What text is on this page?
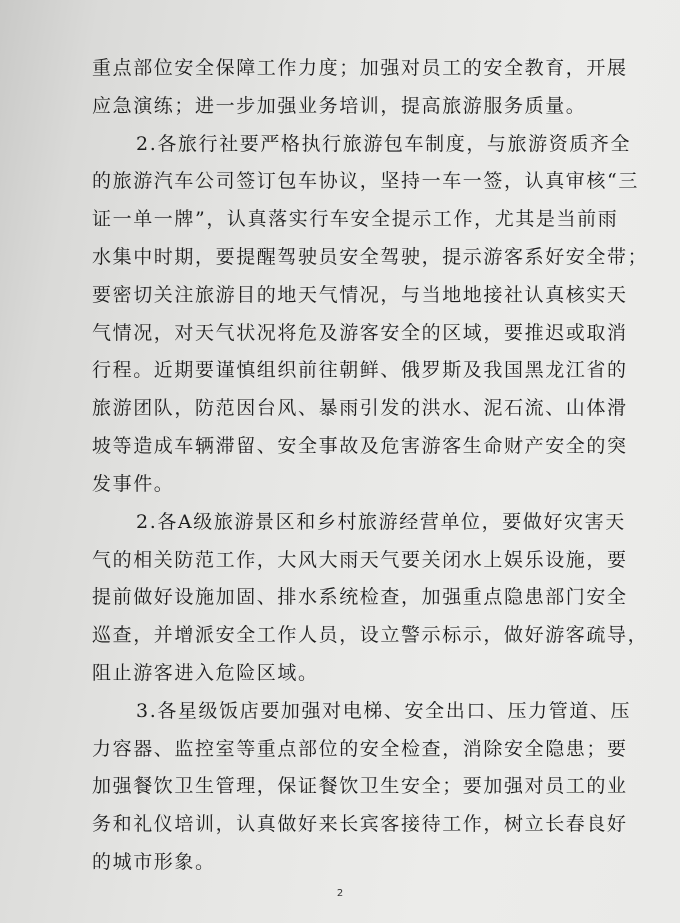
重点部位安全保障工作力度；加强对员工的安全教育，开展
应急演练；进一步加强业务培训，提高旅游服务质量。
2.各旅行社要严格执行旅游包车制度，与旅游资质齐全
的旅游汽车公司签订包车协议，坚持一车一签，认真审核“三
证一单一牌”，认真落实行车安全提示工作，尤其是当前雨
水集中时期，要提醒驾驶员安全驾驶，提示游客系好安全带；
要密切关注旅游目的地天气情况，与当地地接社认真核实天
气情况，对天气状况将危及游客安全的区域，要推迟或取消
行程。近期要谨慎组织前往朝鲜、俄罗斯及我国黑龙江省的
旅游团队，防范因台风、暴雨引发的洪水、泥石流、山体滑
坡等造成车辆滞留、安全事故及危害游客生命财产安全的突
发事件。
2.各A级旅游景区和乡村旅游经营单位，要做好灾害天
气的相关防范工作，大风大雨天气要关闭水上娱乐设施，要
提前做好设施加固、排水系统检查，加强重点隐患部门安全
巡查，并增派安全工作人员，设立警示标示，做好游客疏导，
阻止游客进入危险区域。
3.各星级饭店要加强对电梯、安全出口、压力管道、压
力容器、监控室等重点部位的安全检查，消除安全隐患；要
加强餐饮卫生管理，保证餐饮卫生安全；要加强对员工的业
务和礼仪培训，认真做好来长宾客接待工作，树立长春良好
的城市形象。
2
